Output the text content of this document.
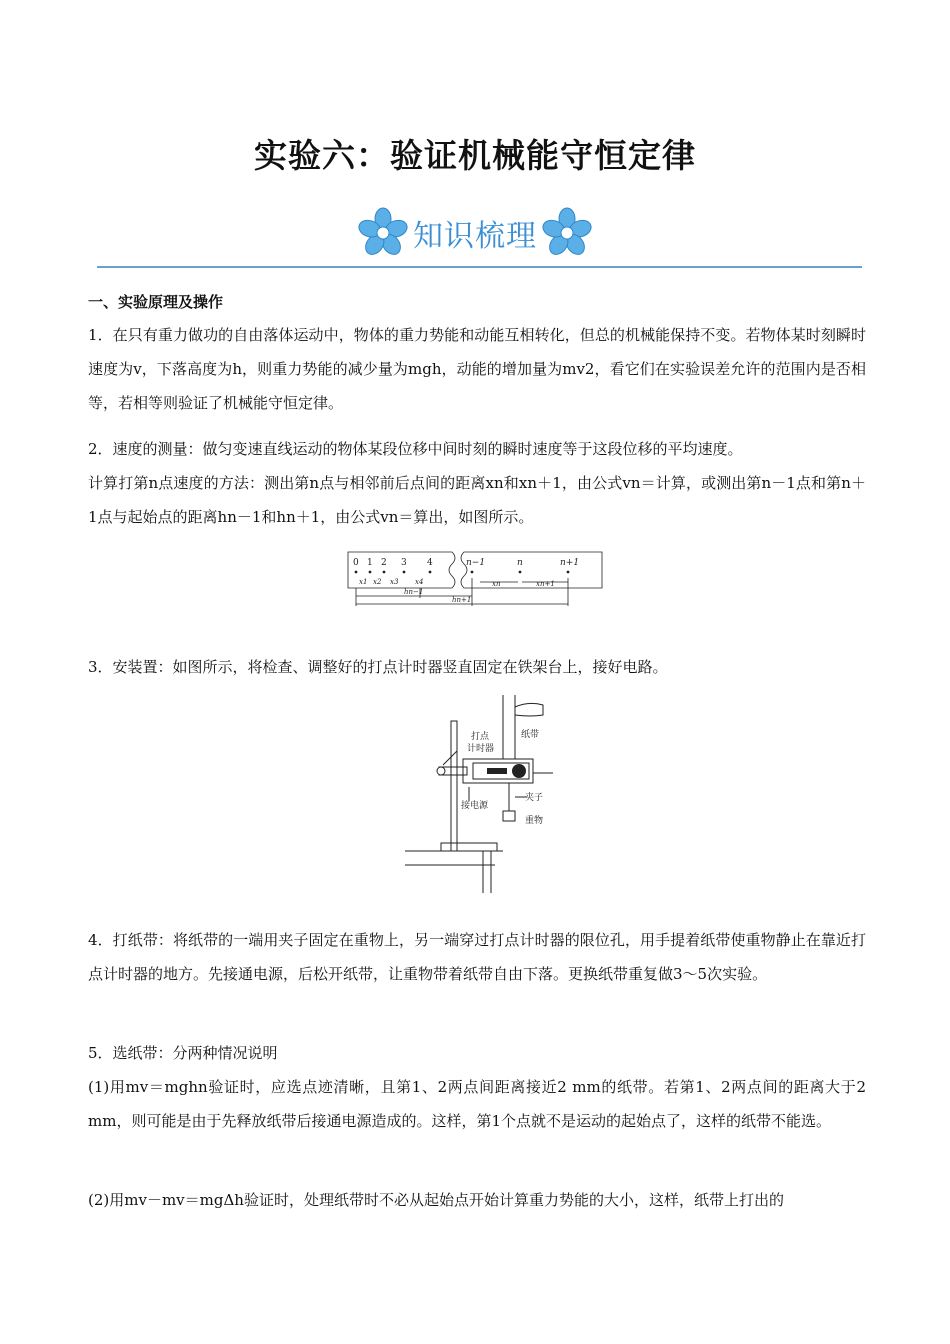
实验六：验证机械能守恒定律
知识梳理
一、实验原理及操作
1．在只有重力做功的自由落体运动中，物体的重力势能和动能互相转化，但总的机械能保持不变。若物体某时刻瞬时速度为v，下落高度为h，则重力势能的减少量为mgh，动能的增加量为mv2，看它们在实验误差允许的范围内是否相等，若相等则验证了机械能守恒定律。
2．速度的测量：做匀变速直线运动的物体某段位移中间时刻的瞬时速度等于这段位移的平均速度。
计算打第n点速度的方法：测出第n点与相邻前后点间的距离xn和xn＋1，由公式vn＝计算，或测出第n－1点和第n＋1点与起始点的距离hn－1和hn＋1，由公式vn＝算出，如图所示。
0 1 2 3 4	n−1	n	n+1
x1 x2 x3 x4	xn	xn+1
hn−1
hn+1
3．安装置：如图所示，将检查、调整好的打点计时器竖直固定在铁架台上，接好电路。
打点
计时器
纸带
接电源
夹子
重物
4．打纸带：将纸带的一端用夹子固定在重物上，另一端穿过打点计时器的限位孔，用手提着纸带使重物静止在靠近打点计时器的地方。先接通电源，后松开纸带，让重物带着纸带自由下落。更换纸带重复做3～5次实验。
5．选纸带：分两种情况说明
(1)用mv＝mghn验证时，应选点迹清晰，且第1、2两点间距离接近2 mm的纸带。若第1、2两点间的距离大于2 mm，则可能是由于先释放纸带后接通电源造成的。这样，第1个点就不是运动的起始点了，这样的纸带不能选。
(2)用mv－mv＝mgΔh验证时，处理纸带时不必从起始点开始计算重力势能的大小，这样，纸带上打出的
